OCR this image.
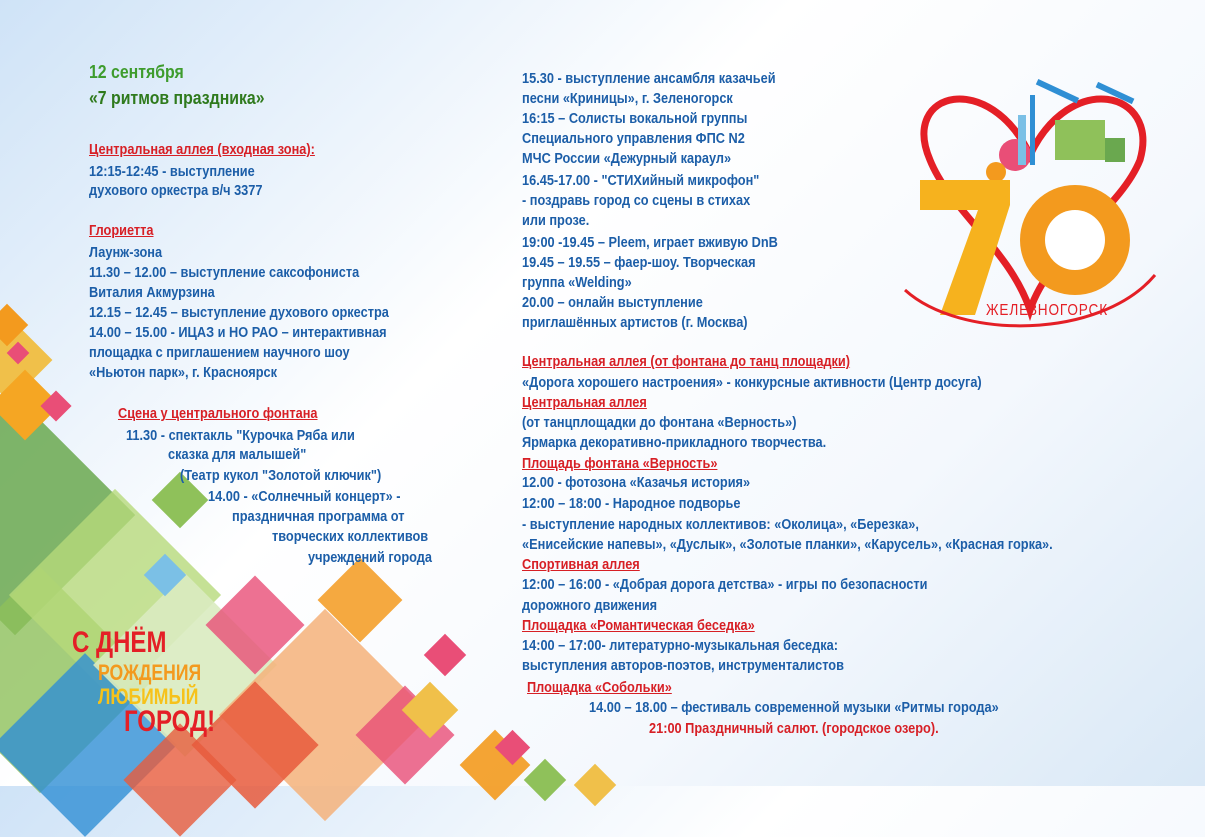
12 сентября
«7 ритмов праздника»
Центральная аллея (входная зона):
12:15-12:45 - выступление
духового оркестра в/ч 3377
Глориетта
Лаунж-зона
11.30 – 12.00 – выступление саксофониста
Виталия Акмурзина
12.15 – 12.45 – выступление духового оркестра
14.00 – 15.00 - ИЦАЗ и НО РАО – интерактивная
площадка с приглашением научного шоу
«Ньютон парк», г. Красноярск
Сцена у центрального фонтана
11.30 - спектакль "Курочка Ряба или
сказка для малышей"
(Театр кукол "Золотой ключик")
14.00 - «Солнечный концерт» -
праздничная программа от
творческих коллективов
учреждений города
С ДНЁМ
РОЖДЕНИЯ
ЛЮБИМЫЙ
ГОРОД!
15.30 - выступление ансамбля казачьей
песни «Криницы», г. Зеленогорск
16:15 – Солисты вокальной группы
Специального управления ФПС N2
МЧС России «Дежурный караул»
16.45-17.00 - "СТИХийный микрофон"
- поздравь город со сцены в стихах
или прозе.
19:00 -19.45 – Pleem, играет вживую DnB
19.45 – 19.55 – фаер-шоу. Творческая
группа «Welding»
20.00 – онлайн выступление
приглашённых артистов (г. Москва)
Центральная аллея (от фонтана до танц площадки)
«Дорога хорошего настроения» - конкурсные активности (Центр досуга)
Центральная аллея
(от танцплощадки до фонтана «Верность»)
Ярмарка декоративно-прикладного творчества.
Площадь фонтана «Верность»
12.00 - фотозона «Казачья история»
12:00 – 18:00 - Народное подворье
- выступление народных коллективов: «Околица», «Березка»,
«Енисейские напевы», «Дуслык», «Золотые планки», «Карусель», «Красная горка».
Спортивная аллея
12:00 – 16:00 - «Добрая дорога детства» - игры по безопасности
дорожного движения
Площадка «Романтическая беседка»
14:00 – 17:00- литературно-музыкальная беседка:
выступления авторов-поэтов, инструменталистов
Площадка «Собольки»
14.00 – 18.00 – фестиваль современной музыки «Ритмы города»
21:00 Праздничный салют. (городское озеро).
ЖЕЛЕЗНОГОРСК
